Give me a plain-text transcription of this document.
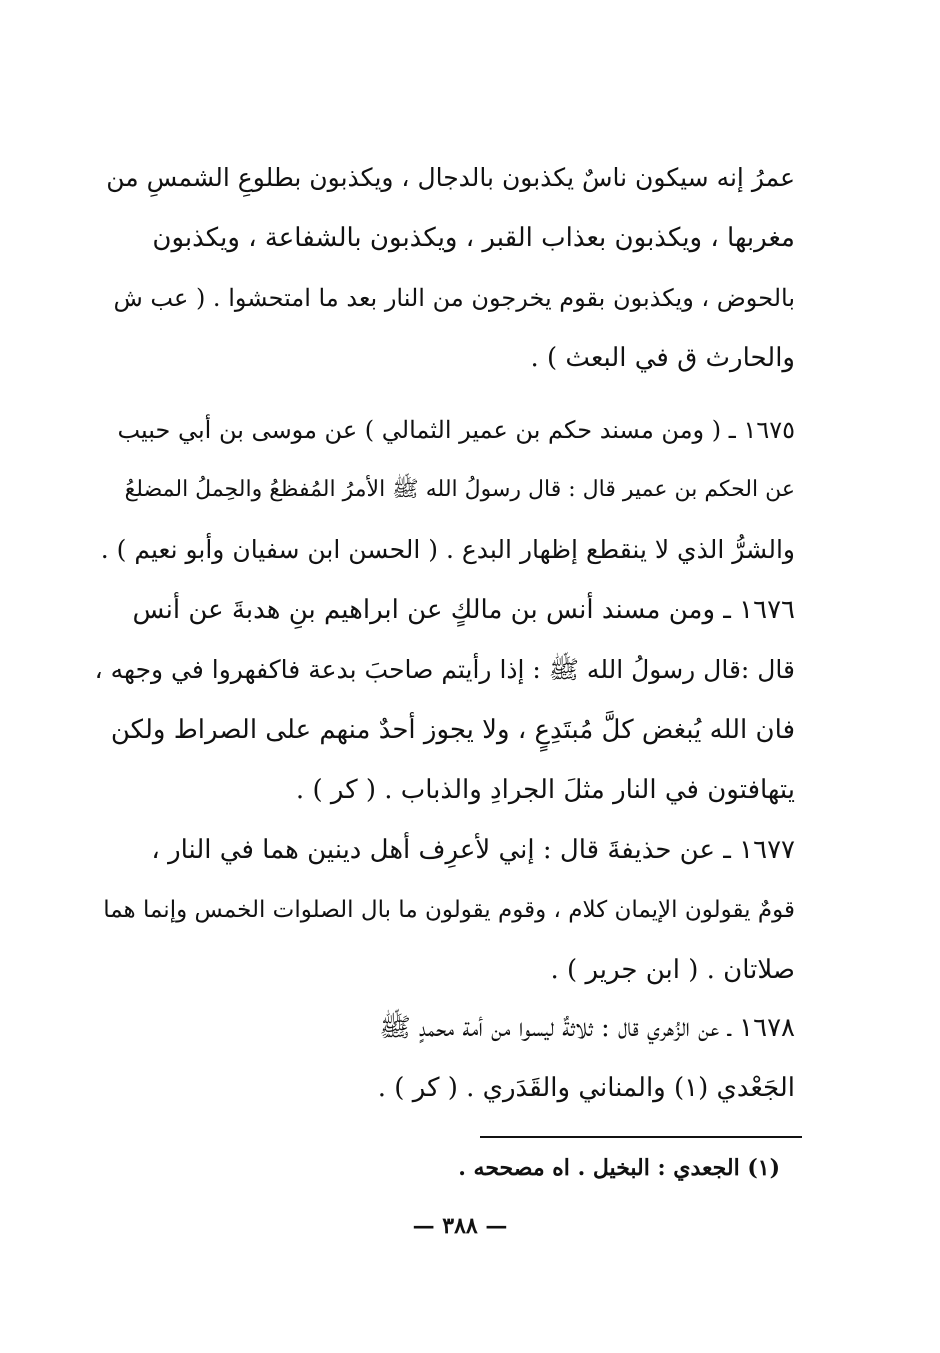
عمرُ إنه سيكون ناسٌ يكذبون بالدجال ، ويكذبون بطلوعِ الشمسِ من
مغربها ، ويكذبون بعذاب القبر ، ويكذبون بالشفاعة ، ويكذبون
بالحوض ، ويكذبون بقوم يخرجون من النار بعد ما امتحشوا . ( عب ش
والحارث ق في البعث ) .
١٦٧٥ ـ ( ومن مسند حكم بن عمير الثمالي ) عن موسى بن أبي حبيب
عن الحكم بن عمير قال : قال رسولُ الله ﷺ الأمرُ المُفظعُ والحِملُ المضلعُ
والشرُّ الذي لا ينقطع إظهار البدع . ( الحسن ابن سفيان وأبو نعيم ) .
١٦٧٦ ـ ومن مسند أنس بن مالكٍ عن ابراهيم بنِ هدبةَ عن أنس
قال :قال رسولُ الله ﷺ : إذا رأيتم صاحبَ بدعة فاكفهروا في وجهه ،
فان الله يُبغض كلَّ مُبتَدِعٍ ، ولا يجوز أحدٌ منهم على الصراط ولكن
يتهافتون في النار مثلَ الجرادِ والذباب . ( كر ) .
١٦٧٧ ـ عن حذيفةَ قال : إني لأعرِف أهل دينين هما في النار ،
قومٌ يقولون الإيمان كلام ، وقوم يقولون ما بال الصلوات الخمس وإنما هما
صلاتان . ( ابن جرير ) .
١٦٧٨ ـ عن الزُهري قال : ثلاثةٌ ليسوا من أمة محمدٍ ﷺ
الجَعْدي (١) والمناني والقَدَري . ( كر ) .
(١) الجعدي : البخيل . اه مصححه .
— ٣٨٨ —
